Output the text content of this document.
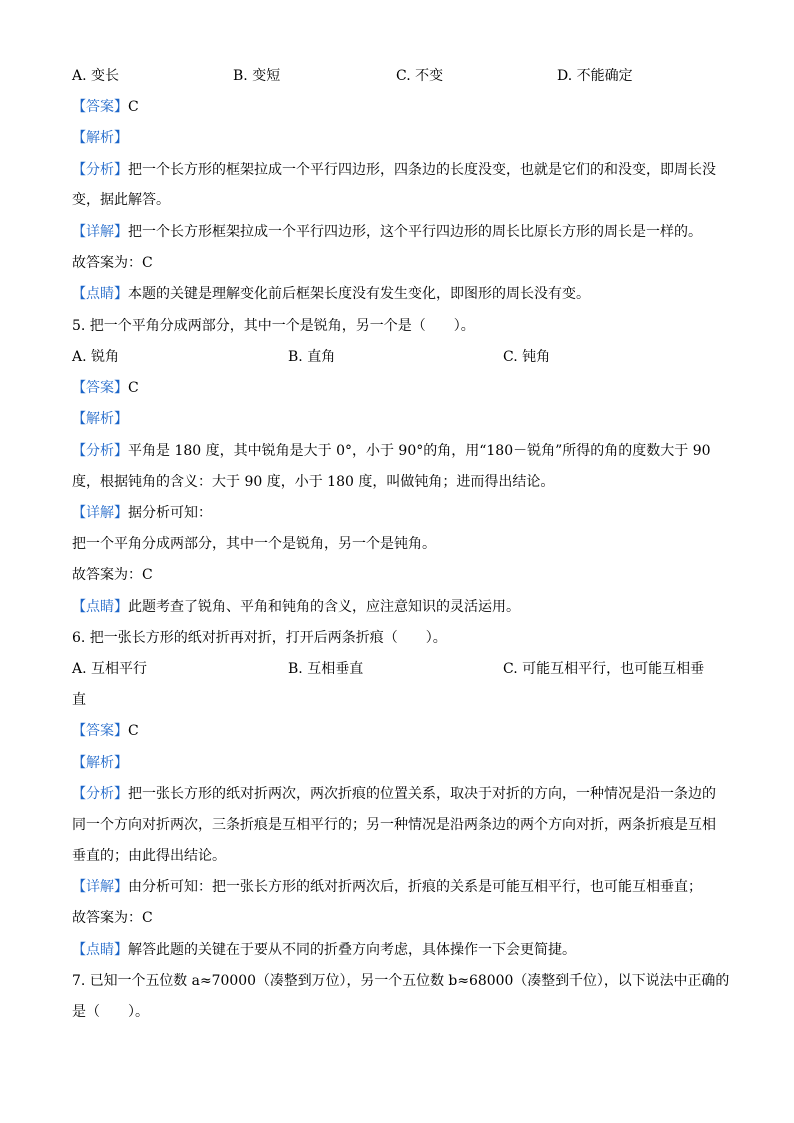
A. 变长	B. 变短	C. 不变	D. 不能确定
【答案】C
【解析】
【分析】把一个长方形的框架拉成一个平行四边形，四条边的长度没变，也就是它们的和没变，即周长没
变，据此解答。
【详解】把一个长方形框架拉成一个平行四边形，这个平行四边形的周长比原长方形的周长是一样的。
故答案为：C
【点睛】本题的关键是理解变化前后框架长度没有发生变化，即图形的周长没有变。
5. 把一个平角分成两部分，其中一个是锐角，另一个是（　　）。
A. 锐角	B. 直角	C. 钝角
【答案】C
【解析】
【分析】平角是 180 度，其中锐角是大于 0°，小于 90°的角，用“180－锐角”所得的角的度数大于 90
度，根据钝角的含义：大于 90 度，小于 180 度，叫做钝角；进而得出结论。
【详解】据分析可知：
把一个平角分成两部分，其中一个是锐角，另一个是钝角。
故答案为：C
【点睛】此题考查了锐角、平角和钝角的含义，应注意知识的灵活运用。
6. 把一张长方形的纸对折再对折，打开后两条折痕（　　）。
A. 互相平行	B. 互相垂直	C. 可能互相平行，也可能互相垂
直
【答案】C
【解析】
【分析】把一张长方形的纸对折两次，两次折痕的位置关系，取决于对折的方向，一种情况是沿一条边的
同一个方向对折两次，三条折痕是互相平行的；另一种情况是沿两条边的两个方向对折，两条折痕是互相
垂直的；由此得出结论。
【详解】由分析可知：把一张长方形的纸对折两次后，折痕的关系是可能互相平行，也可能互相垂直；
故答案为：C
【点睛】解答此题的关键在于要从不同的折叠方向考虑，具体操作一下会更简捷。
7. 已知一个五位数 a≈70000（凑整到万位），另一个五位数 b≈68000（凑整到千位），以下说法中正确的
是（　　）。
